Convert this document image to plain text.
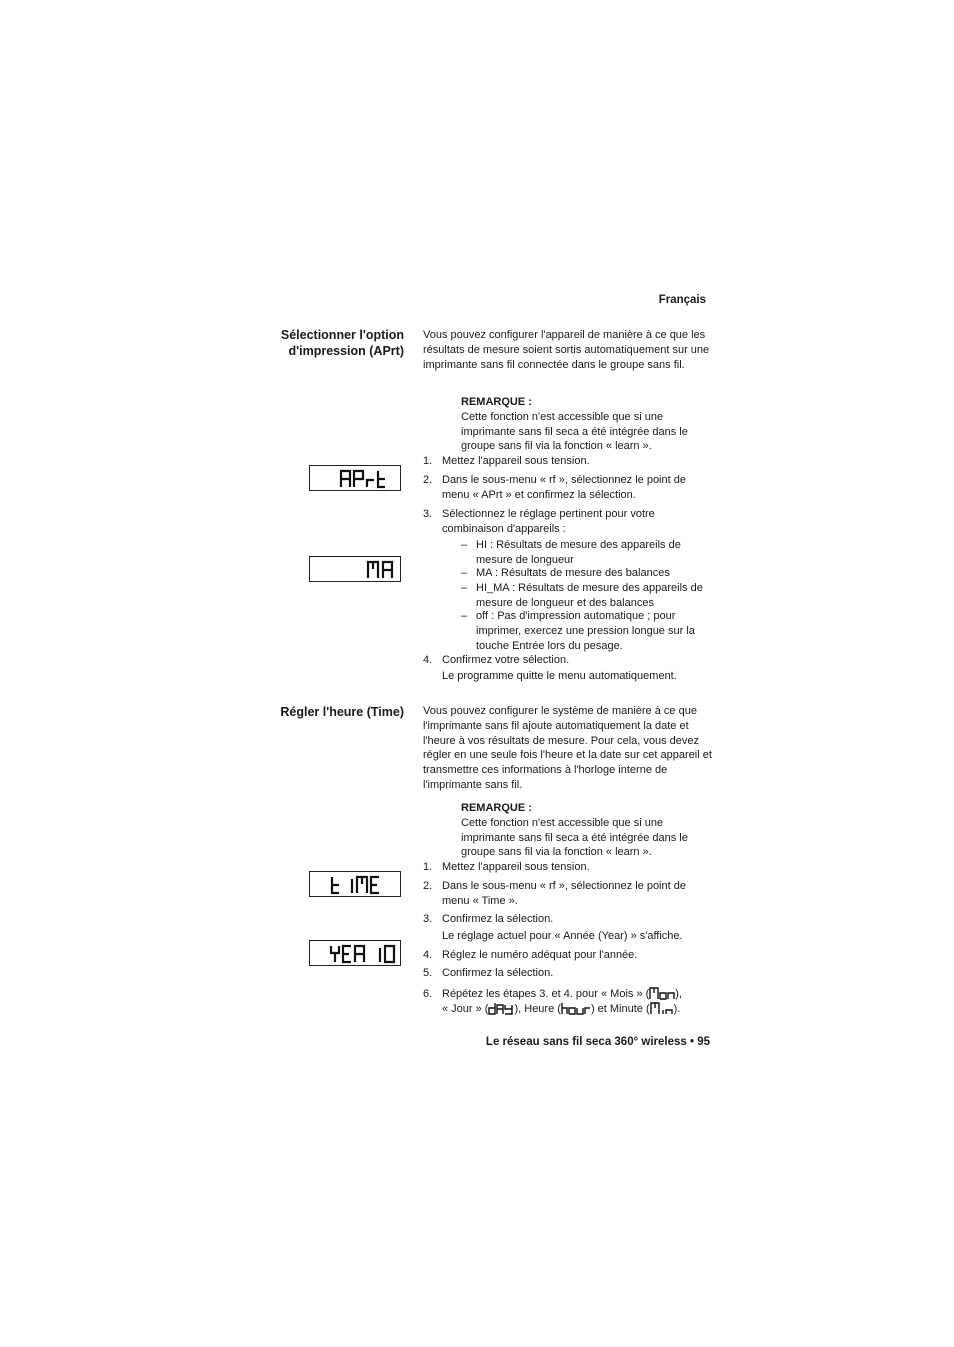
Français
Sélectionner l'option
d'impression (APrt)
Vous pouvez configurer l'appareil de manière à ce que les résultats de mesure soient sortis automatiquement sur une imprimante sans fil connectée dans le groupe sans fil.
REMARQUE :
Cette fonction n'est accessible que si une imprimante sans fil seca a été intégrée dans le groupe sans fil via la fonction « learn ».
1. Mettez l'appareil sous tension.
2. Dans le sous-menu « rf », sélectionnez le point de menu « APrt » et confirmez la sélection.
3. Sélectionnez le réglage pertinent pour votre combinaison d'appareils :
– HI : Résultats de mesure des appareils de mesure de longueur
– MA : Résultats de mesure des balances
– HI_MA : Résultats de mesure des appareils de mesure de longueur et des balances
– off : Pas d'impression automatique ; pour imprimer, exercez une pression longue sur la touche Entrée lors du pesage.
4. Confirmez votre sélection.
Le programme quitte le menu automatiquement.
Régler l'heure (Time) Vous pouvez configurer le système de manière à ce que l'imprimante sans fil ajoute automatiquement la date et l'heure à vos résultats de mesure. Pour cela, vous devez régler en une seule fois l'heure et la date sur cet appareil et transmettre ces informations à l'horloge interne de l'imprimante sans fil.
REMARQUE :
Cette fonction n'est accessible que si une imprimante sans fil seca a été intégrée dans le groupe sans fil via la fonction « learn ».
1. Mettez l'appareil sous tension.
2. Dans le sous-menu « rf », sélectionnez le point de menu « Time ».
3. Confirmez la sélection.
Le réglage actuel pour « Année (Year) » s'affiche.
4. Réglez le numéro adéquat pour l'année.
5. Confirmez la sélection.
6. Répétez les étapes 3. et 4. pour « Mois » ( ),
« Jour » ( ), Heure (	) et Minute ( ).
Le réseau sans fil seca 360° wireless • 95
